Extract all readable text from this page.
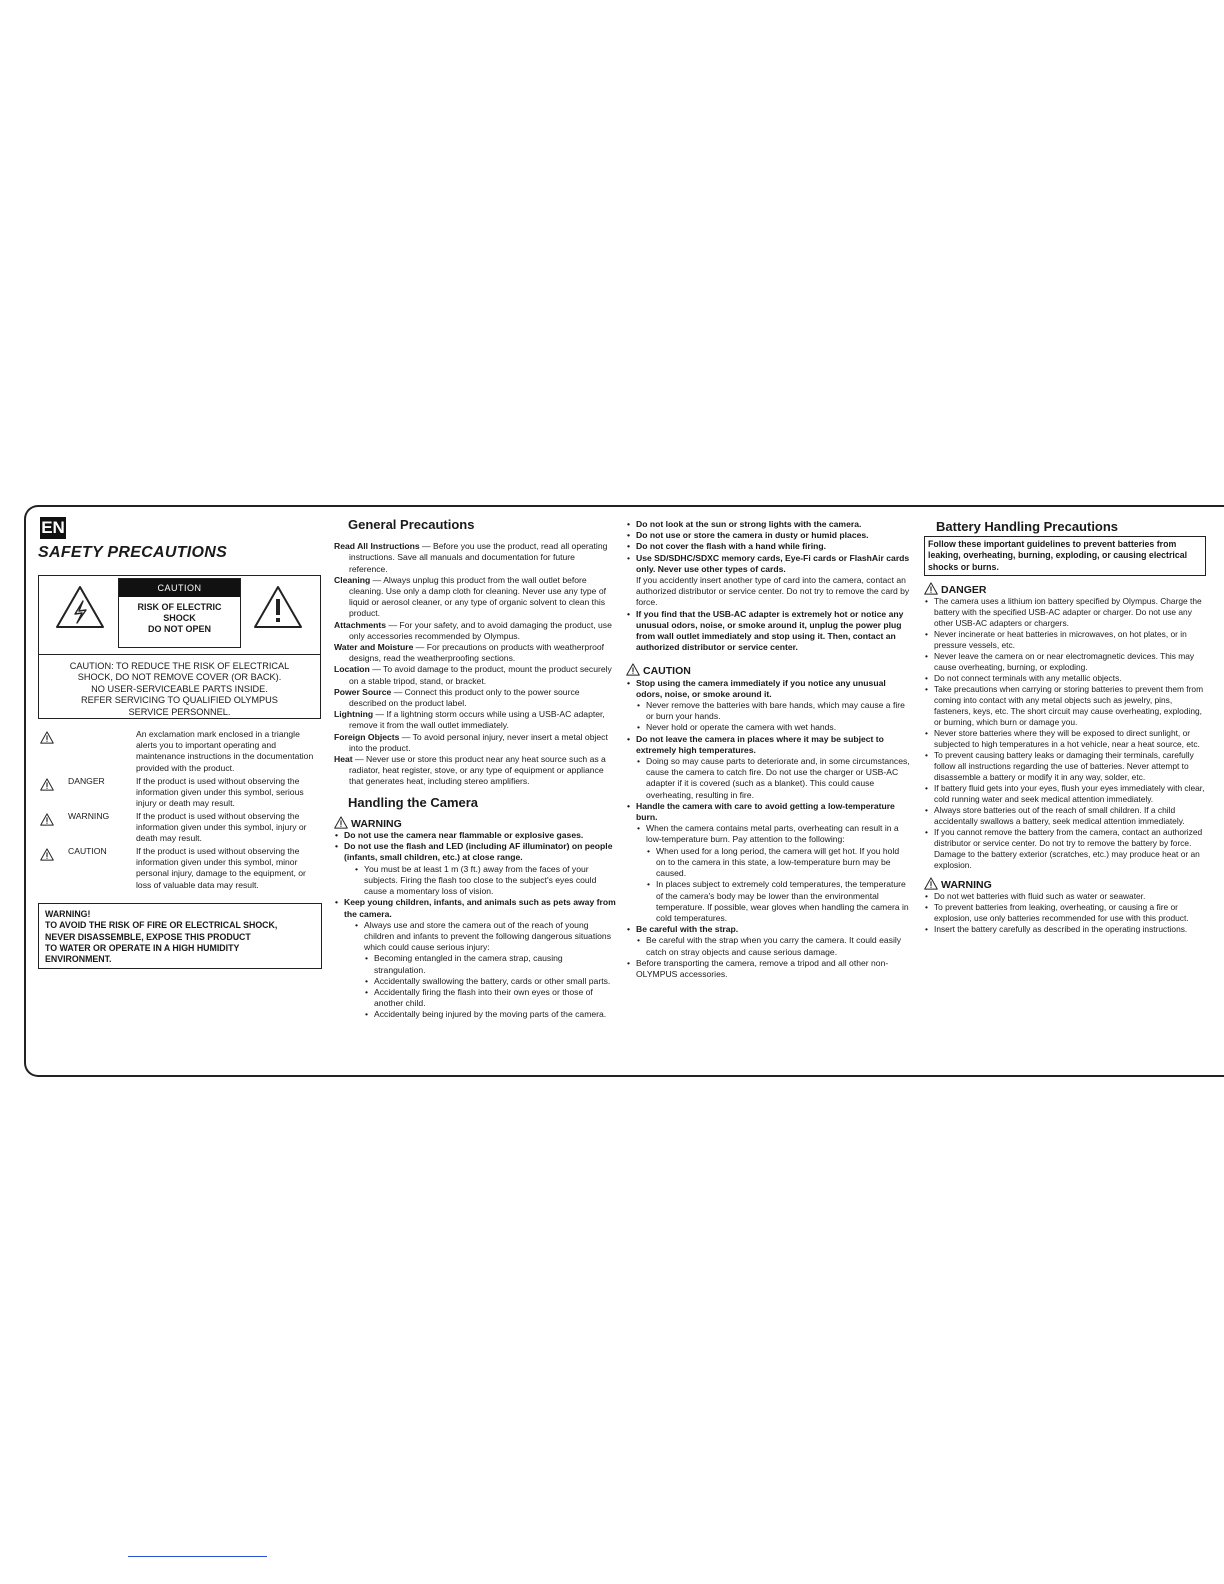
EN
SAFETY PRECAUTIONS
CAUTION
RISK OF ELECTRIC
SHOCK
DO NOT OPEN
CAUTION: TO REDUCE THE RISK OF ELECTRICAL
SHOCK, DO NOT REMOVE COVER (OR BACK).
NO USER-SERVICEABLE PARTS INSIDE.
REFER SERVICING TO QUALIFIED OLYMPUS
SERVICE PERSONNEL.
An exclamation mark enclosed in a triangle alerts you to important operating and maintenance instructions in the documentation provided with the product.
DANGER	If the product is used without observing the information given under this symbol, serious injury or death may result.
WARNING	If the product is used without observing the information given under this symbol, injury or death may result.
CAUTION	If the product is used without observing the information given under this symbol, minor personal injury, damage to the equipment, or loss of valuable data may result.
WARNING!
TO AVOID THE RISK OF FIRE OR ELECTRICAL SHOCK,
NEVER DISASSEMBLE, EXPOSE THIS PRODUCT
TO WATER OR OPERATE IN A HIGH HUMIDITY
ENVIRONMENT.
General Precautions
Read All Instructions — Before you use the product, read all operating instructions. Save all manuals and documentation for future reference.
Cleaning — Always unplug this product from the wall outlet before cleaning. Use only a damp cloth for cleaning. Never use any type of liquid or aerosol cleaner, or any type of organic solvent to clean this product.
Attachments — For your safety, and to avoid damaging the product, use only accessories recommended by Olympus.
Water and Moisture — For precautions on products with weatherproof designs, read the weatherproofing sections.
Location — To avoid damage to the product, mount the product securely on a stable tripod, stand, or bracket.
Power Source — Connect this product only to the power source described on the product label.
Lightning — If a lightning storm occurs while using a USB-AC adapter, remove it from the wall outlet immediately.
Foreign Objects — To avoid personal injury, never insert a metal object into the product.
Heat — Never use or store this product near any heat source such as a radiator, heat register, stove, or any type of equipment or appliance that generates heat, including stereo amplifiers.
Handling the Camera
WARNING
• Do not use the camera near flammable or explosive gases.
• Do not use the flash and LED (including AF illuminator) on people (infants, small children, etc.) at close range.
• You must be at least 1 m (3 ft.) away from the faces of your subjects. Firing the flash too close to the subject's eyes could cause a momentary loss of vision.
• Keep young children, infants, and animals such as pets away from the camera.
• Always use and store the camera out of the reach of young children and infants to prevent the following dangerous situations which could cause serious injury:
• Becoming entangled in the camera strap, causing strangulation.
• Accidentally swallowing the battery, cards or other small parts.
• Accidentally firing the flash into their own eyes or those of another child.
• Accidentally being injured by the moving parts of the camera.
• Do not look at the sun or strong lights with the camera.
• Do not use or store the camera in dusty or humid places.
• Do not cover the flash with a hand while firing.
• Use SD/SDHC/SDXC memory cards, Eye-Fi cards or FlashAir cards only. Never use other types of cards.
If you accidently insert another type of card into the camera, contact an authorized distributor or service center. Do not try to remove the card by force.
• If you find that the USB-AC adapter is extremely hot or notice any unusual odors, noise, or smoke around it, unplug the power plug from wall outlet immediately and stop using it. Then, contact an authorized distributor or service center.
CAUTION
• Stop using the camera immediately if you notice any unusual odors, noise, or smoke around it.
• Never remove the batteries with bare hands, which may cause a fire or burn your hands.
• Never hold or operate the camera with wet hands.
• Do not leave the camera in places where it may be subject to extremely high temperatures.
• Doing so may cause parts to deteriorate and, in some circumstances, cause the camera to catch fire. Do not use the charger or USB-AC adapter if it is covered (such as a blanket). This could cause overheating, resulting in fire.
• Handle the camera with care to avoid getting a low-temperature burn.
• When the camera contains metal parts, overheating can result in a low-temperature burn. Pay attention to the following:
• When used for a long period, the camera will get hot. If you hold on to the camera in this state, a low-temperature burn may be caused.
• In places subject to extremely cold temperatures, the temperature of the camera's body may be lower than the environmental temperature. If possible, wear gloves when handling the camera in cold temperatures.
• Be careful with the strap.
• Be careful with the strap when you carry the camera. It could easily catch on stray objects and cause serious damage.
• Before transporting the camera, remove a tripod and all other non-OLYMPUS accessories.
Battery Handling Precautions
Follow these important guidelines to prevent batteries from leaking, overheating, burning, exploding, or causing electrical shocks or burns.
DANGER
• The camera uses a lithium ion battery specified by Olympus. Charge the battery with the specified USB-AC adapter or charger. Do not use any other USB-AC adapters or chargers.
• Never incinerate or heat batteries in microwaves, on hot plates, or in pressure vessels, etc.
• Never leave the camera on or near electromagnetic devices. This may cause overheating, burning, or exploding.
• Do not connect terminals with any metallic objects.
• Take precautions when carrying or storing batteries to prevent them from coming into contact with any metal objects such as jewelry, pins, fasteners, keys, etc. The short circuit may cause overheating, exploding, or burning, which burn or damage you.
• Never store batteries where they will be exposed to direct sunlight, or subjected to high temperatures in a hot vehicle, near a heat source, etc.
• To prevent causing battery leaks or damaging their terminals, carefully follow all instructions regarding the use of batteries. Never attempt to disassemble a battery or modify it in any way, solder, etc.
• If battery fluid gets into your eyes, flush your eyes immediately with clear, cold running water and seek medical attention immediately.
• Always store batteries out of the reach of small children. If a child accidentally swallows a battery, seek medical attention immediately.
• If you cannot remove the battery from the camera, contact an authorized distributor or service center. Do not try to remove the battery by force. Damage to the battery exterior (scratches, etc.) may produce heat or an explosion.
WARNING
• Do not wet batteries with fluid such as water or seawater.
• To prevent batteries from leaking, overheating, or causing a fire or explosion, use only batteries recommended for use with this product.
• Insert the battery carefully as described in the operating instructions.
